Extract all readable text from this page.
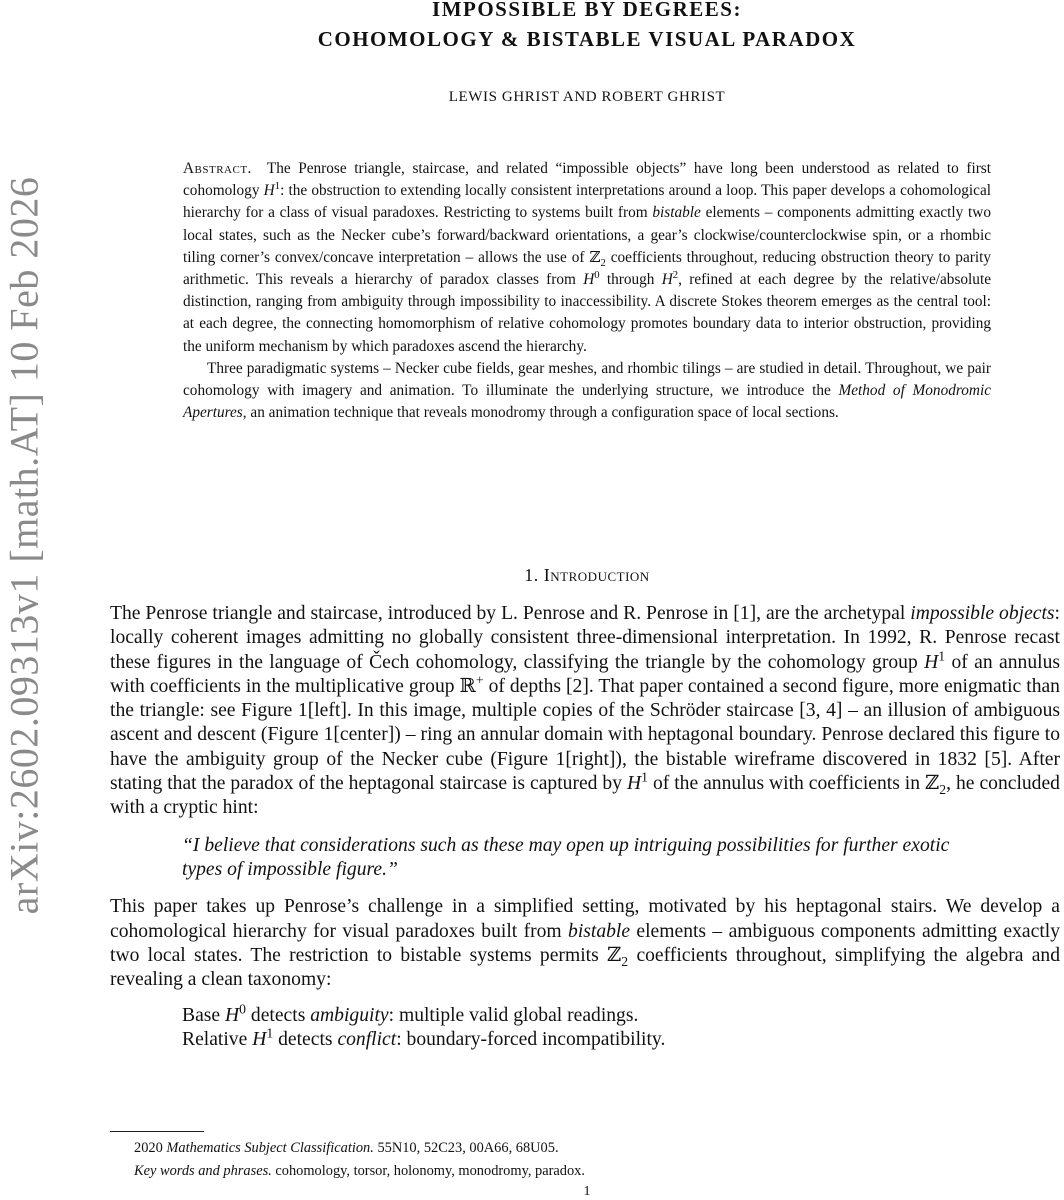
arXiv:2602.09313v1 [math.AT] 10 Feb 2026
IMPOSSIBLE BY DEGREES:
COHOMOLOGY & BISTABLE VISUAL PARADOX
LEWIS GHRIST AND ROBERT GHRIST

Abstract. The Penrose triangle, staircase, and related “impossible objects” have long been understood as related to first cohomology $H^1$: the obstruction to extending locally consistent interpretations around a loop. This paper develops a cohomological hierarchy for a class of visual paradoxes. Restricting to systems built from bistable elements – components admitting exactly two local states, such as the Necker cube’s forward/backward orientations, a gear’s clockwise/counterclockwise spin, or a rhombic tiling corner’s convex/concave interpretation – allows the use of ℤ$_2$ coefficients throughout, reducing obstruction theory to parity arithmetic. This reveals a hierarchy of paradox classes from $H^0$ through $H^2$, refined at each degree by the relative/absolute distinction, ranging from ambiguity through impossibility to inaccessibility. A discrete Stokes theorem emerges as the central tool: at each degree, the connecting homomorphism of relative cohomology promotes boundary data to interior obstruction, providing the uniform mechanism by which paradoxes ascend the hierarchy.

Three paradigmatic systems – Necker cube fields, gear meshes, and rhombic tilings – are studied in detail. Throughout, we pair cohomology with imagery and animation. To illuminate the underlying structure, we introduce the Method of Monodromic Apertures, an animation technique that reveals monodromy through a configuration space of local sections.

1. Introduction

The Penrose triangle and staircase, introduced by L. Penrose and R. Penrose in [1], are the archetypal impossible objects: locally coherent images admitting no globally consistent three-dimensional interpretation. In 1992, R. Penrose recast these figures in the language of Čech cohomology, classifying the triangle by the cohomology group $H^1$ of an annulus with coefficients in the multiplicative group ℝ+ of depths [2]. That paper contained a second figure, more enigmatic than the triangle: see Figure 1[left]. In this image, multiple copies of the Schröder staircase [3, 4] – an illusion of ambiguous ascent and descent (Figure 1[center]) – ring an annular domain with heptagonal boundary. Penrose declared this figure to have the ambiguity group of the Necker cube (Figure 1[right]), the bistable wireframe discovered in 1832 [5]. After stating that the paradox of the heptagonal staircase is captured by $H^1$ of the annulus with coefficients in ℤ$_2$, he concluded with a cryptic hint:

“I believe that considerations such as these may open up intriguing possibilities for further exotic types of impossible figure.”

This paper takes up Penrose’s challenge in a simplified setting, motivated by his heptagonal stairs. We develop a cohomological hierarchy for visual paradoxes built from bistable elements – ambiguous components admitting exactly two local states. The restriction to bistable systems permits ℤ$_2$ coefficients throughout, simplifying the algebra and revealing a clean taxonomy:

Base $H^0$ detects ambiguity: multiple valid global readings.
Relative $H^1$ detects conflict: boundary-forced incompatibility.
2020 Mathematics Subject Classification. 55N10, 52C23, 00A66, 68U05.
Key words and phrases. cohomology, torsor, holonomy, monodromy, paradox.
1
